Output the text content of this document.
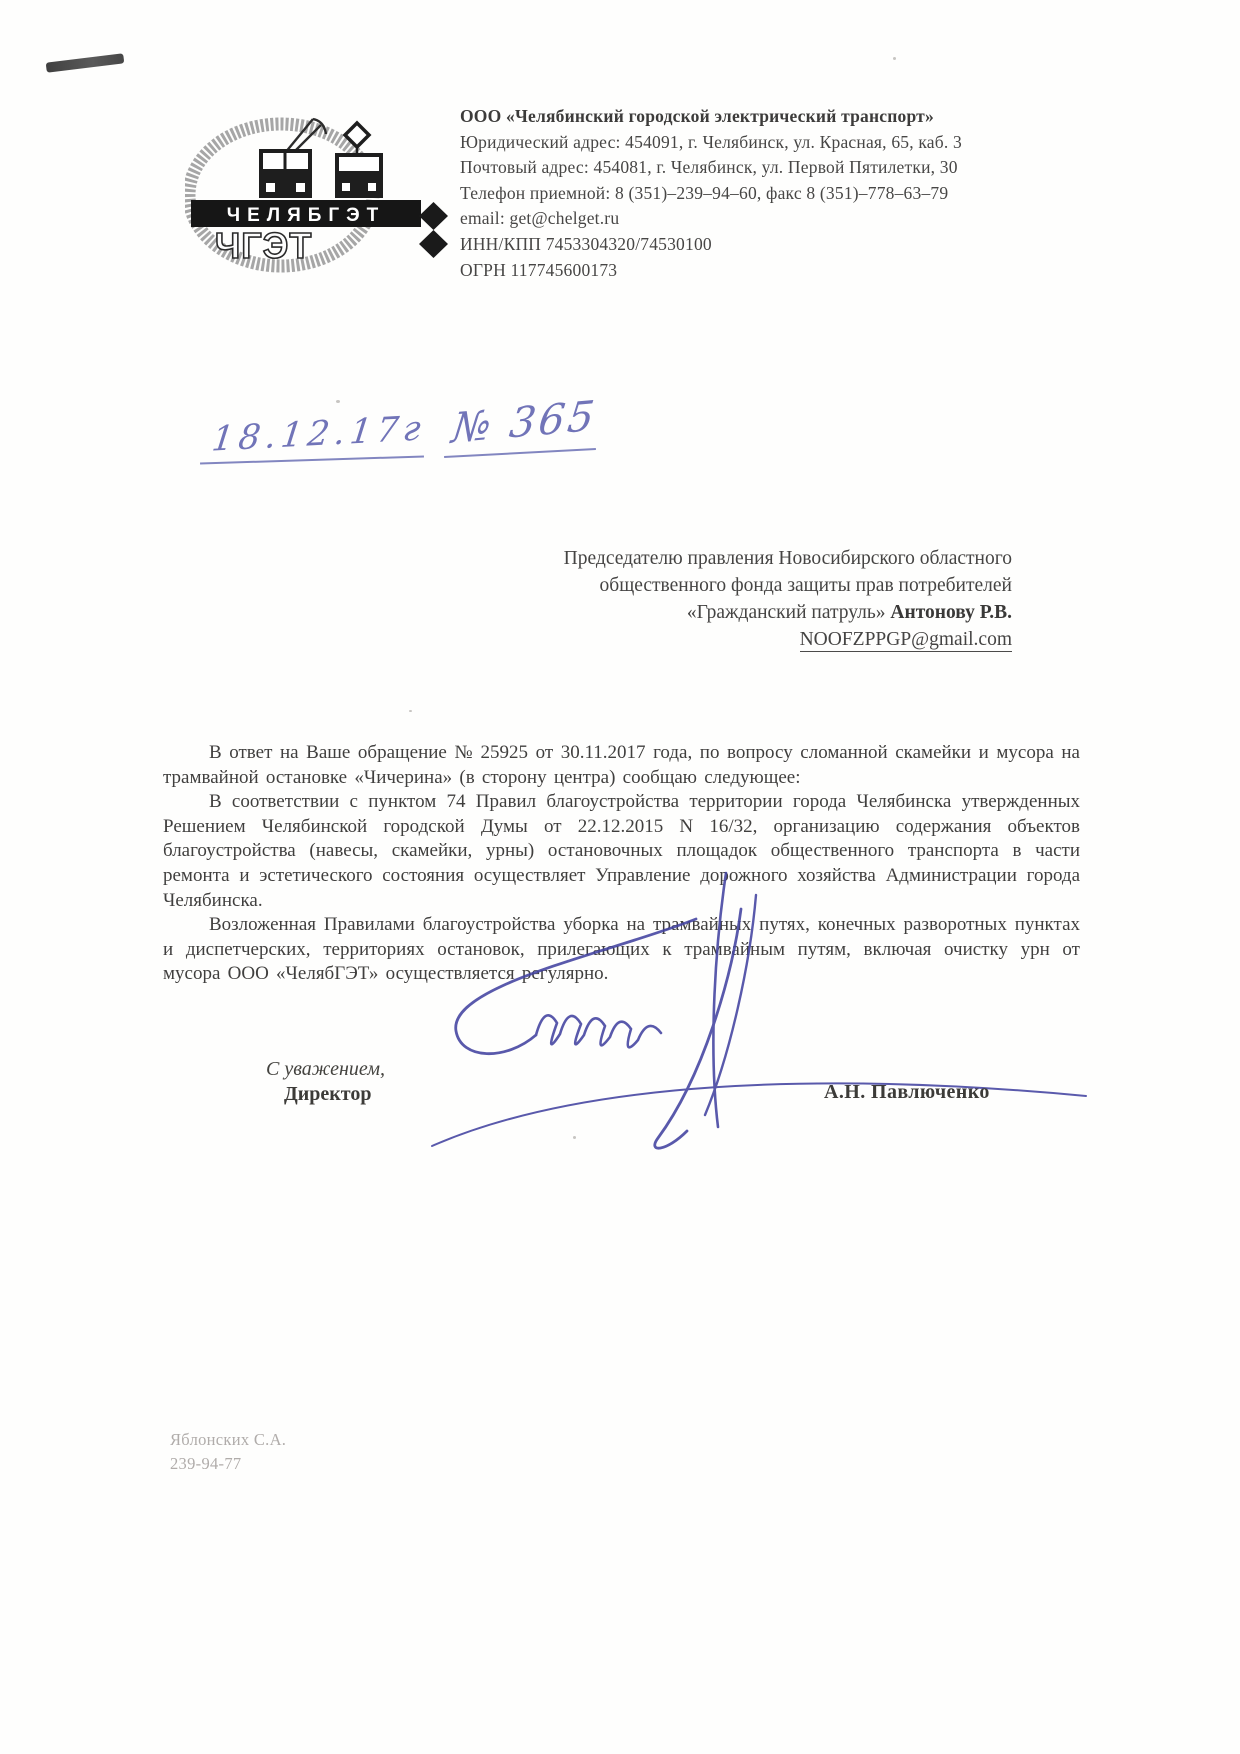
ЧЕЛЯБГЭТ
ЧГЭТ
ООО «Челябинский городской электрический транспорт»
Юридический адрес: 454091, г. Челябинск, ул. Красная, 65, каб. 3
Почтовый адрес: 454081, г. Челябинск, ул. Первой Пятилетки, 30
Телефон приемной: 8 (351)–239–94–60, факс 8 (351)–778–63–79
email: get@chelget.ru
ИНН/КПП 7453304320/74530100
ОГРН 117745600173
18.12.17г № 365
Председателю правления Новосибирского областного
общественного фонда защиты прав потребителей
«Гражданский патруль» Антонову Р.В.
NOOFZPPGP@gmail.com

В ответ на Ваше обращение № 25925 от 30.11.2017 года, по вопросу сломанной скамейки и мусора на трамвайной остановке «Чичерина» (в сторону центра) сообщаю следующее:

В соответствии с пунктом 74 Правил благоустройства территории города Челябинска утвержденных Решением Челябинской городской Думы от 22.12.2015 N 16/32, организацию содержания объектов благоустройства (навесы, скамейки, урны) остановочных площадок общественного транспорта в части ремонта и эстетического состояния осуществляет Управление дорожного хозяйства Администрации города Челябинска.

Возложенная Правилами благоустройства уборка на трамвайных путях, конечных разворотных пунктах и диспетчерских, территориях остановок, прилегающих к трамвайным путям, включая очистку урн от мусора ООО «ЧелябГЭТ» осуществляется регулярно.

С уважением,
Директор	А.Н. Павлюченко
Яблонских С.А.
239-94-77
